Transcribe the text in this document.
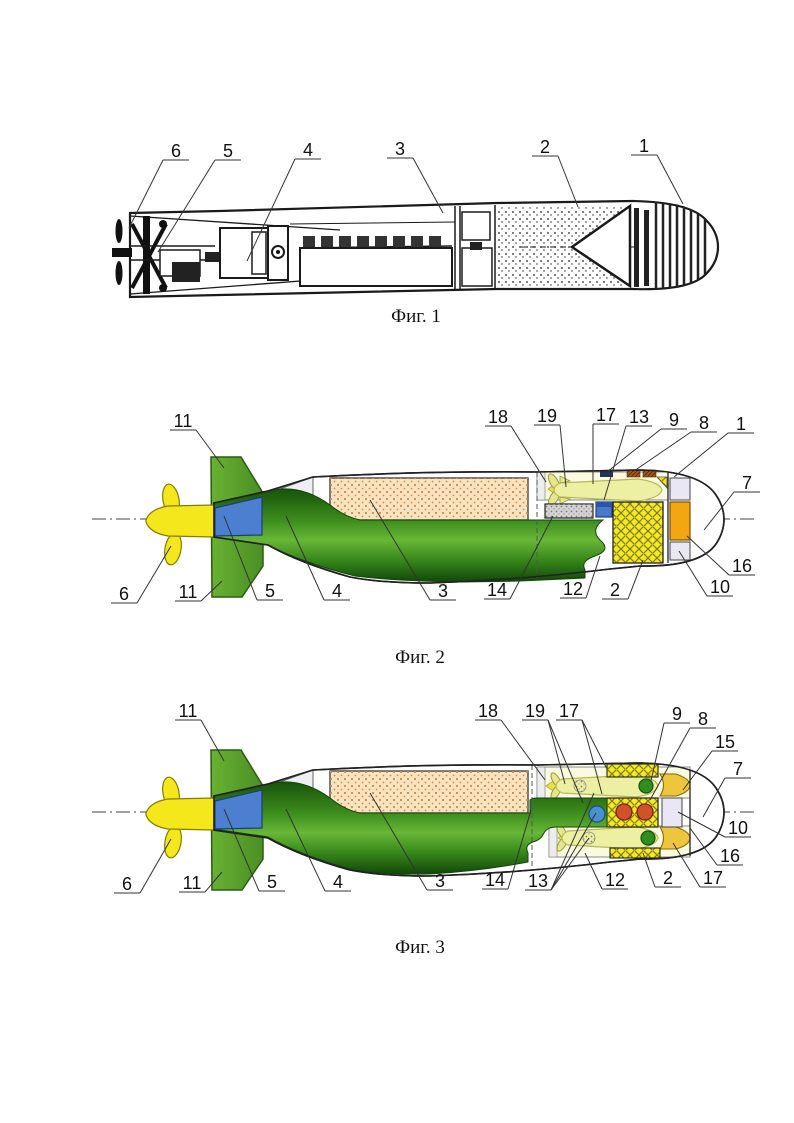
6 5	4	3	2	1
11	18 19 17 13 9 8 1
7
16
10
2
12
14
3
4
5
11
6
11	18 19 17	9 8
15
7
10
16
17
2
12
13
14
3
4
5
11
6
Фиг. 1
Фиг. 2
Фиг. 3
